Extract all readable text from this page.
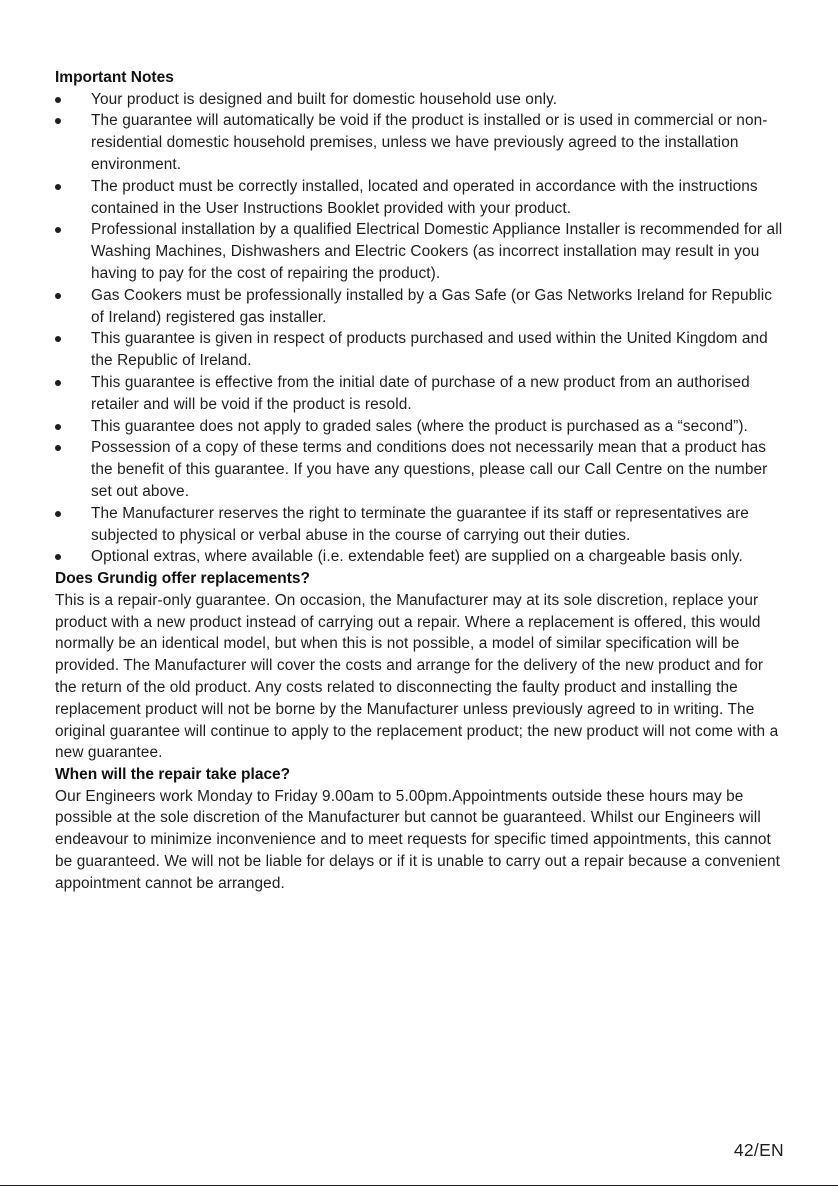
Important Notes
Your product is designed and built for domestic household use only.
The guarantee will automatically be void if the product is installed or is used in commercial or non-residential domestic household premises, unless we have previously agreed to the installation environment.
The product must be correctly installed, located and operated in accordance with the instructions contained in the User Instructions Booklet provided with your product.
Professional installation by a qualified Electrical Domestic Appliance Installer is recommended for all Washing Machines, Dishwashers and Electric Cookers (as incorrect installation may result in you having to pay for the cost of repairing the product).
Gas Cookers must be professionally installed by a Gas Safe (or Gas Networks Ireland for Republic of Ireland) registered gas installer.
This guarantee is given in respect of products purchased and used within the United Kingdom and the Republic of Ireland.
This guarantee is effective from the initial date of purchase of a new product from an authorised retailer and will be void if the product is resold.
This guarantee does not apply to graded sales (where the product is purchased as a “second”).
Possession of a copy of these terms and conditions does not necessarily mean that a product has the benefit of this guarantee. If you have any questions, please call our Call Centre on the number set out above.
The Manufacturer reserves the right to terminate the guarantee if its staff or representatives are subjected to physical or verbal abuse in the course of carrying out their duties.
Optional extras, where available (i.e. extendable feet) are supplied on a chargeable basis only.
Does Grundig offer replacements?

This is a repair-only guarantee. On occasion, the Manufacturer may at its sole discretion, replace your product with a new product instead of carrying out a repair. Where a replacement is offered, this would normally be an identical model, but when this is not possible, a model of similar specification will be provided. The Manufacturer will cover the costs and arrange for the delivery of the new product and for the return of the old product. Any costs related to disconnecting the faulty product and installing the replacement product will not be borne by the Manufacturer unless previously agreed to in writing. The original guarantee will continue to apply to the replacement product; the new product will not come with a new guarantee.

When will the repair take place?

Our Engineers work Monday to Friday 9.00am to 5.00pm.Appointments outside these hours may be possible at the sole discretion of the Manufacturer but cannot be guaranteed. Whilst our Engineers will endeavour to minimize inconvenience and to meet requests for specific timed appointments, this cannot be guaranteed. We will not be liable for delays or if it is unable to carry out a repair because a convenient appointment cannot be arranged.

42/EN
